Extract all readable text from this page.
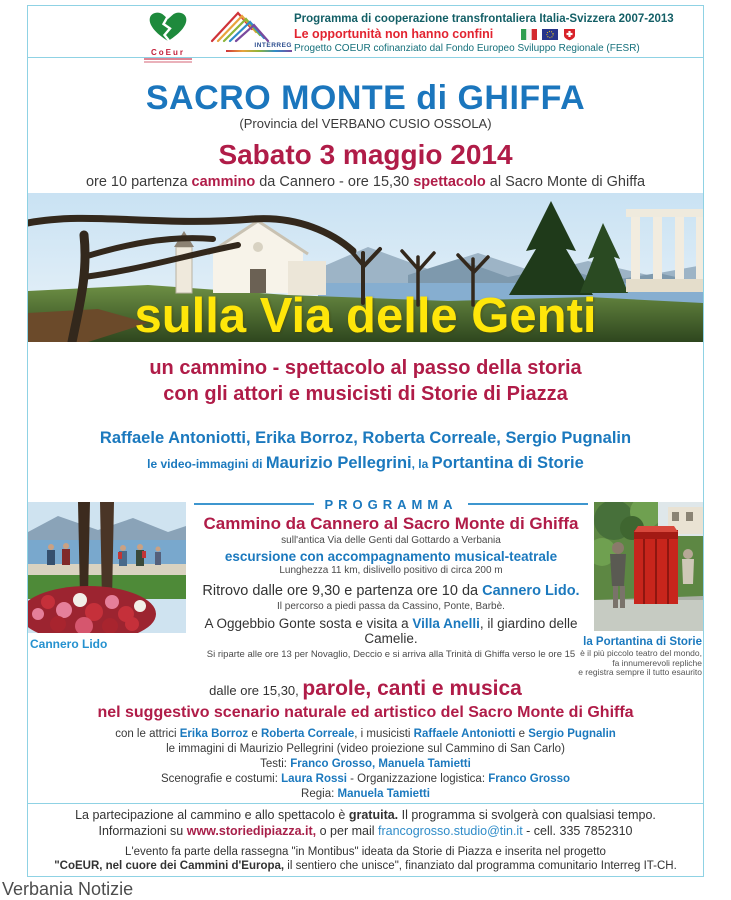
CoEur
INTERREG
Programma di cooperazione transfrontaliera Italia-Svizzera 2007-2013
Le opportunità non hanno confini
Progetto COEUR cofinanziato dal Fondo Europeo Sviluppo Regionale (FESR)
SACRO MONTE di GHIFFA
(Provincia del VERBANO CUSIO OSSOLA)
Sabato 3 maggio 2014
ore 10 partenza cammino da Cannero - ore 15,30 spettacolo al Sacro Monte di Ghiffa
sulla Via delle Genti
un cammino - spettacolo al passo della storia
con gli attori e musicisti di Storie di Piazza
Raffaele Antoniotti, Erika Borroz, Roberta Correale, Sergio Pugnalin
le video-immagini di Maurizio Pellegrini, la Portantina di Storie
PROGRAMMA
Cammino da Cannero al Sacro Monte di Ghiffa
sull'antica Via delle Genti dal Gottardo a Verbania
escursione con accompagnamento musical-teatrale
Lunghezza 11 km, dislivello positivo di circa 200 m
Ritrovo dalle ore 9,30 e partenza ore 10 da Cannero Lido.
Il percorso a piedi passa da Cassino, Ponte, Barbè.
A Oggebbio Gonte sosta e visita a Villa Anelli, il giardino delle Camelie.
Si riparte alle ore 13 per Novaglio, Deccio e si arriva alla Trinità di Ghiffa verso le ore 15
Cannero Lido	la Portantina di Storie
è il più piccolo teatro del mondo,
fa innumerevoli repliche
e registra sempre il tutto esaurito
dalle ore 15,30, parole, canti e musica
nel suggestivo scenario naturale ed artistico del Sacro Monte di Ghiffa
con le attrici Erika Borroz e Roberta Correale, i musicisti Raffaele Antoniotti e Sergio Pugnalin
le immagini di Maurizio Pellegrini (video proiezione sul Cammino di San Carlo)
Testi: Franco Grosso, Manuela Tamietti
Scenografie e costumi: Laura Rossi - Organizzazione logistica: Franco Grosso
Regia: Manuela Tamietti
La partecipazione al cammino e allo spettacolo è gratuita. Il programma si svolgerà con qualsiasi tempo.
Informazioni su www.storiedipiazza.it, o per mail francogrosso.studio@tin.it - cell. 335 7852310
L'evento fa parte della rassegna "in Montibus" ideata da Storie di Piazza e inserita nel progetto
"CoEUR, nel cuore dei Cammini d'Europa, il sentiero che unisce", finanziato dal programma comunitario Interreg IT-CH.
Verbania Notizie
